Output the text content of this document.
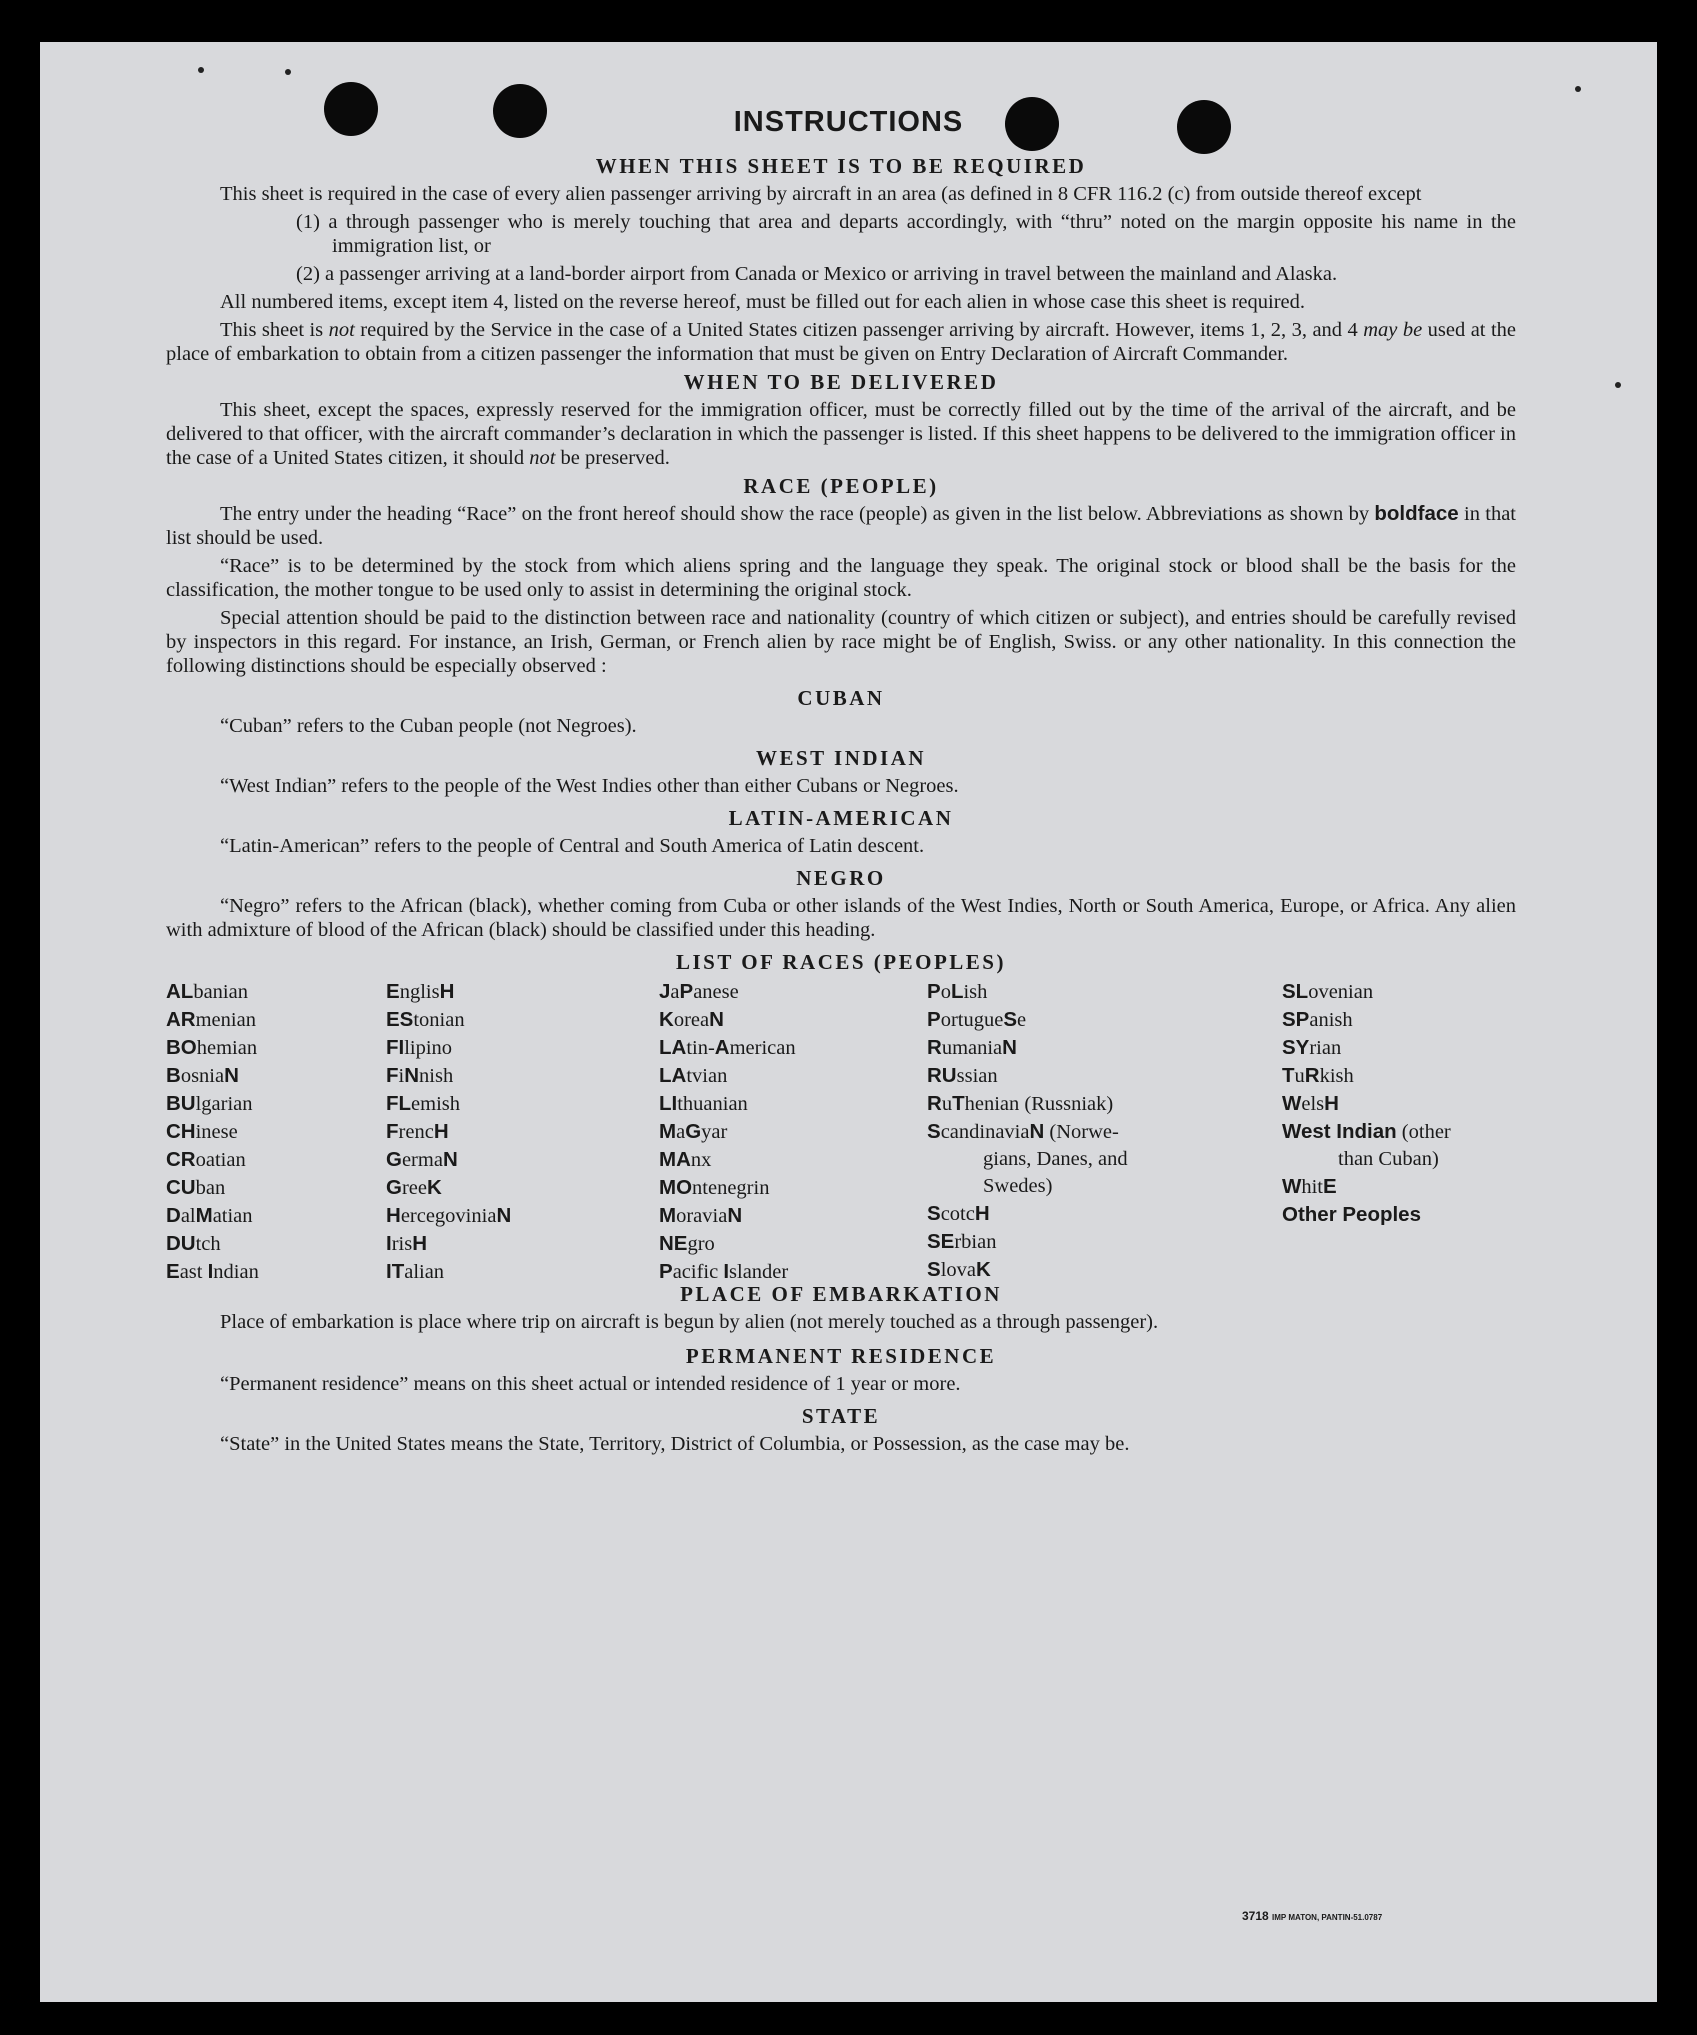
INSTRUCTIONS
WHEN THIS SHEET IS TO BE REQUIRED

This sheet is required in the case of every alien passenger arriving by aircraft in an area (as defined in 8 CFR 116.2 (c) from outside thereof except

(1) a through passenger who is merely touching that area and departs accordingly, with “thru” noted on the margin opposite his name in the immigration list, or

(2) a passenger arriving at a land-border airport from Canada or Mexico or arriving in travel between the mainland and Alaska.

All numbered items, except item 4, listed on the reverse hereof, must be filled out for each alien in whose case this sheet is required.

This sheet is not required by the Service in the case of a United States citizen passenger arriving by aircraft. However, items 1, 2, 3, and 4 may be used at the place of embarkation to obtain from a citizen passenger the information that must be given on Entry Declaration of Aircraft Commander.

WHEN TO BE DELIVERED

This sheet, except the spaces, expressly reserved for the immigration officer, must be correctly filled out by the time of the arrival of the aircraft, and be delivered to that officer, with the aircraft commander’s declaration in which the passenger is listed. If this sheet happens to be delivered to the immigration officer in the case of a United States citizen, it should not be preserved.

RACE (PEOPLE)

The entry under the heading “Race” on the front hereof should show the race (people) as given in the list below. Abbreviations as shown by boldface in that list should be used.

“Race” is to be determined by the stock from which aliens spring and the language they speak. The original stock or blood shall be the basis for the classification, the mother tongue to be used only to assist in determining the original stock.

Special attention should be paid to the distinction between race and nationality (country of which citizen or subject), and entries should be carefully revised by inspectors in this regard. For instance, an Irish, German, or French alien by race might be of English, Swiss. or any other nationality. In this connection the following distinctions should be especially observed :

CUBAN

“Cuban” refers to the Cuban people (not Negroes).

WEST INDIAN

“West Indian” refers to the people of the West Indies other than either Cubans or Negroes.

LATIN-AMERICAN

“Latin-American” refers to the people of Central and South America of Latin descent.

NEGRO

“Negro” refers to the African (black), whether coming from Cuba or other islands of the West Indies, North or South America, Europe, or Africa. Any alien with admixture of blood of the African (black) should be classified under this heading.

LIST OF RACES (PEOPLES)
ALbanian
ARmenian
BOhemian
BosniaN
BUlgarian
CHinese
CRoatian
CUban
DalMatian
DUtch
East Indian
EnglisH
EStonian
FIlipino
FiNnish
FLemish
FrencH
GermaN
GreeK
HercegoviniaN
IrisH
ITalian
JaPanese
KoreaN
LAtin-American
LAtvian
LIthuanian
MaGyar
MAnx
MOntenegrin
MoraviaN
NEgro
Pacific Islander
PoLish
PortugueSe
RumaniaN
RUssian
RuThenian (Russniak)
ScandinaviaN (Norwe-
gians, Danes, and
Swedes)
ScotcH
SErbian
SlovaK
SLovenian
SPanish
SYrian
TuRkish
WelsH
West Indian (other
than Cuban)
WhitE
Other Peoples
PLACE OF EMBARKATION

Place of embarkation is place where trip on aircraft is begun by alien (not merely touched as a through passenger).

PERMANENT RESIDENCE

“Permanent residence” means on this sheet actual or intended residence of 1 year or more.

STATE

“State” in the United States means the State, Territory, District of Columbia, or Possession, as the case may be.

3718 IMP MATON, PANTIN-51.0787
